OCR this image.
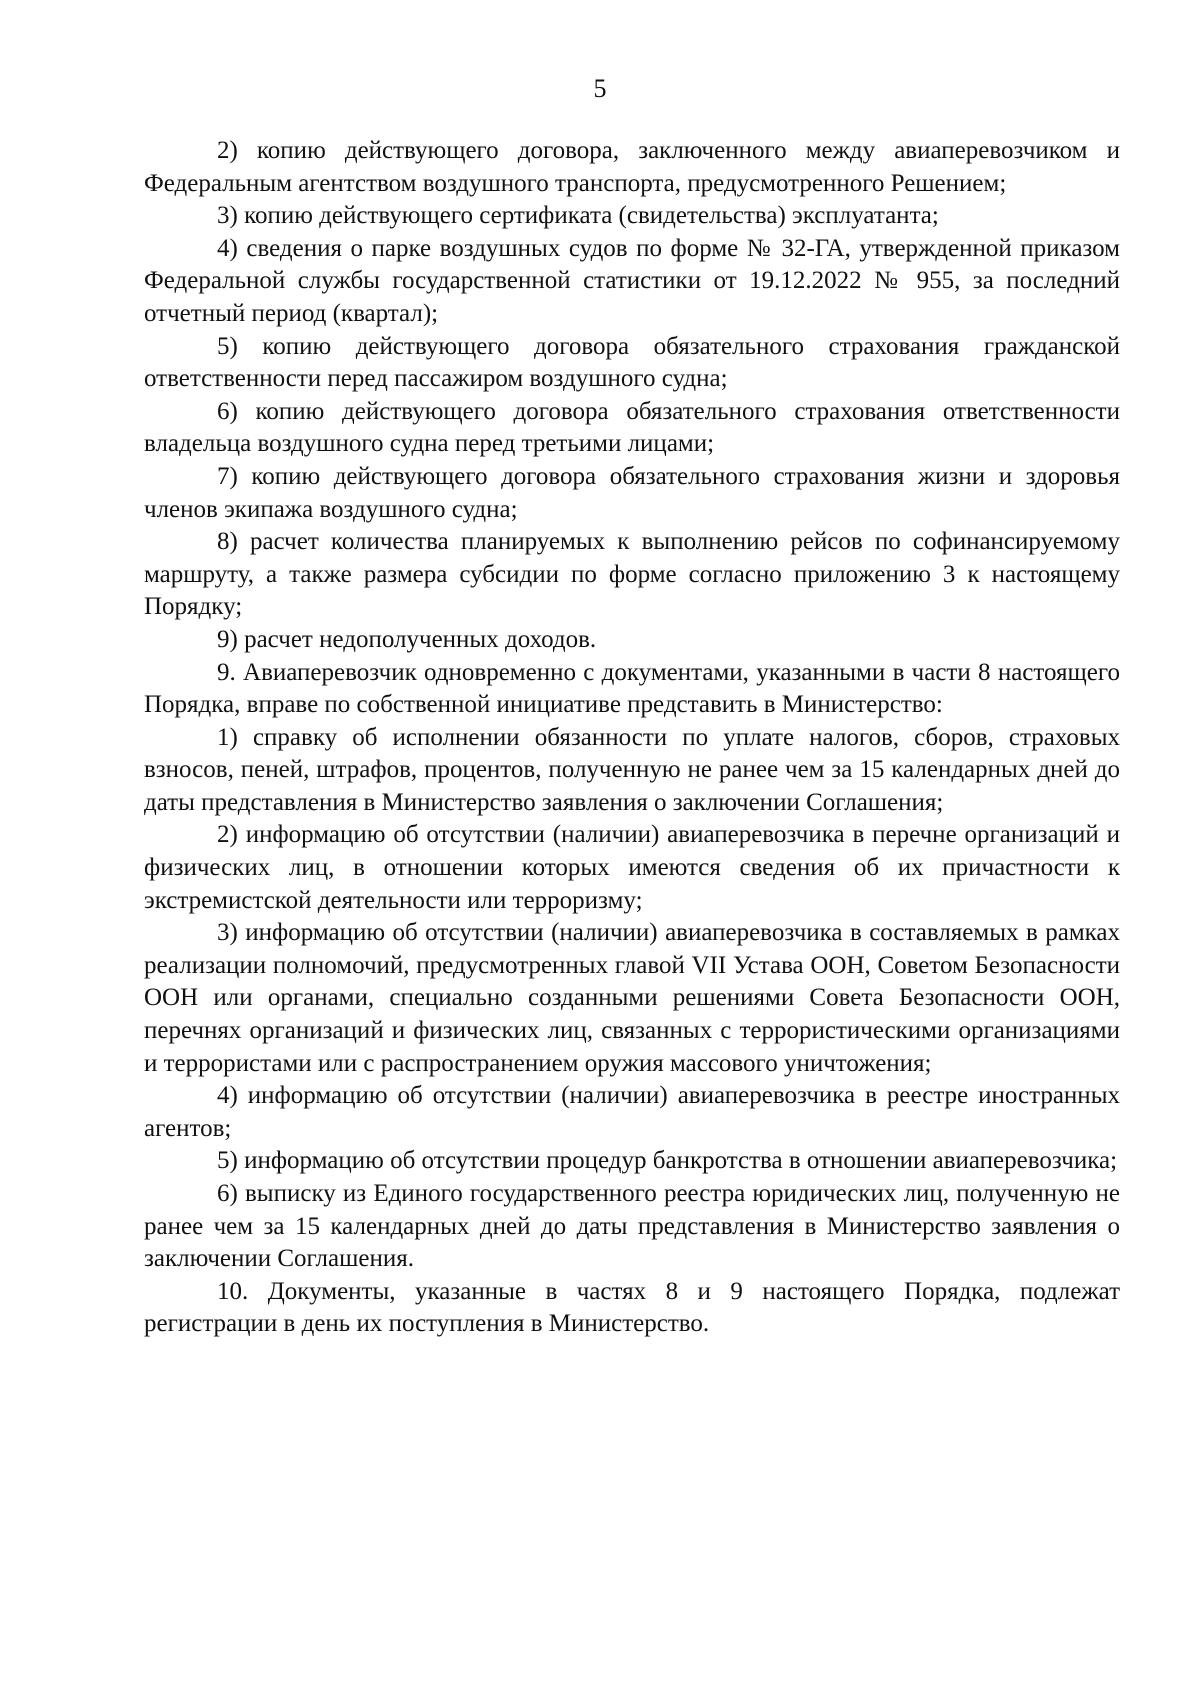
5

2) копию действующего договора, заключенного между авиаперевозчиком и Федеральным агентством воздушного транспорта, предусмотренного Решением;

3) копию действующего сертификата (свидетельства) эксплуатанта;

4) сведения о парке воздушных судов по форме № 32-ГА, утвержденной приказом Федеральной службы государственной статистики от 19.12.2022 № 955, за последний отчетный период (квартал);

5) копию действующего договора обязательного страхования гражданской ответственности перед пассажиром воздушного судна;

6) копию действующего договора обязательного страхования ответственности владельца воздушного судна перед третьими лицами;

7) копию действующего договора обязательного страхования жизни и здоровья членов экипажа воздушного судна;

8) расчет количества планируемых к выполнению рейсов по софинансируемому маршруту, а также размера субсидии по форме согласно приложению 3 к настоящему Порядку;

9) расчет недополученных доходов.

9. Авиаперевозчик одновременно с документами, указанными в части 8 настоящего Порядка, вправе по собственной инициативе представить в Министерство:

1) справку об исполнении обязанности по уплате налогов, сборов, страховых взносов, пеней, штрафов, процентов, полученную не ранее чем за 15 календарных дней до даты представления в Министерство заявления о заключении Соглашения;

2) информацию об отсутствии (наличии) авиаперевозчика в перечне организаций и физических лиц, в отношении которых имеются сведения об их причастности к экстремистской деятельности или терроризму;

3) информацию об отсутствии (наличии) авиаперевозчика в составляемых в рамках реализации полномочий, предусмотренных главой VII Устава ООН, Советом Безопасности ООН или органами, специально созданными решениями Совета Безопасности ООН, перечнях организаций и физических лиц, связанных с террористическими организациями и террористами или с распространением оружия массового уничтожения;

4) информацию об отсутствии (наличии) авиаперевозчика в реестре иностранных агентов;

5) информацию об отсутствии процедур банкротства в отношении авиаперевозчика;

6) выписку из Единого государственного реестра юридических лиц, полученную не ранее чем за 15 календарных дней до даты представления в Министерство заявления о заключении Соглашения.

10. Документы, указанные в частях 8 и 9 настоящего Порядка, подлежат регистрации в день их поступления в Министерство.
